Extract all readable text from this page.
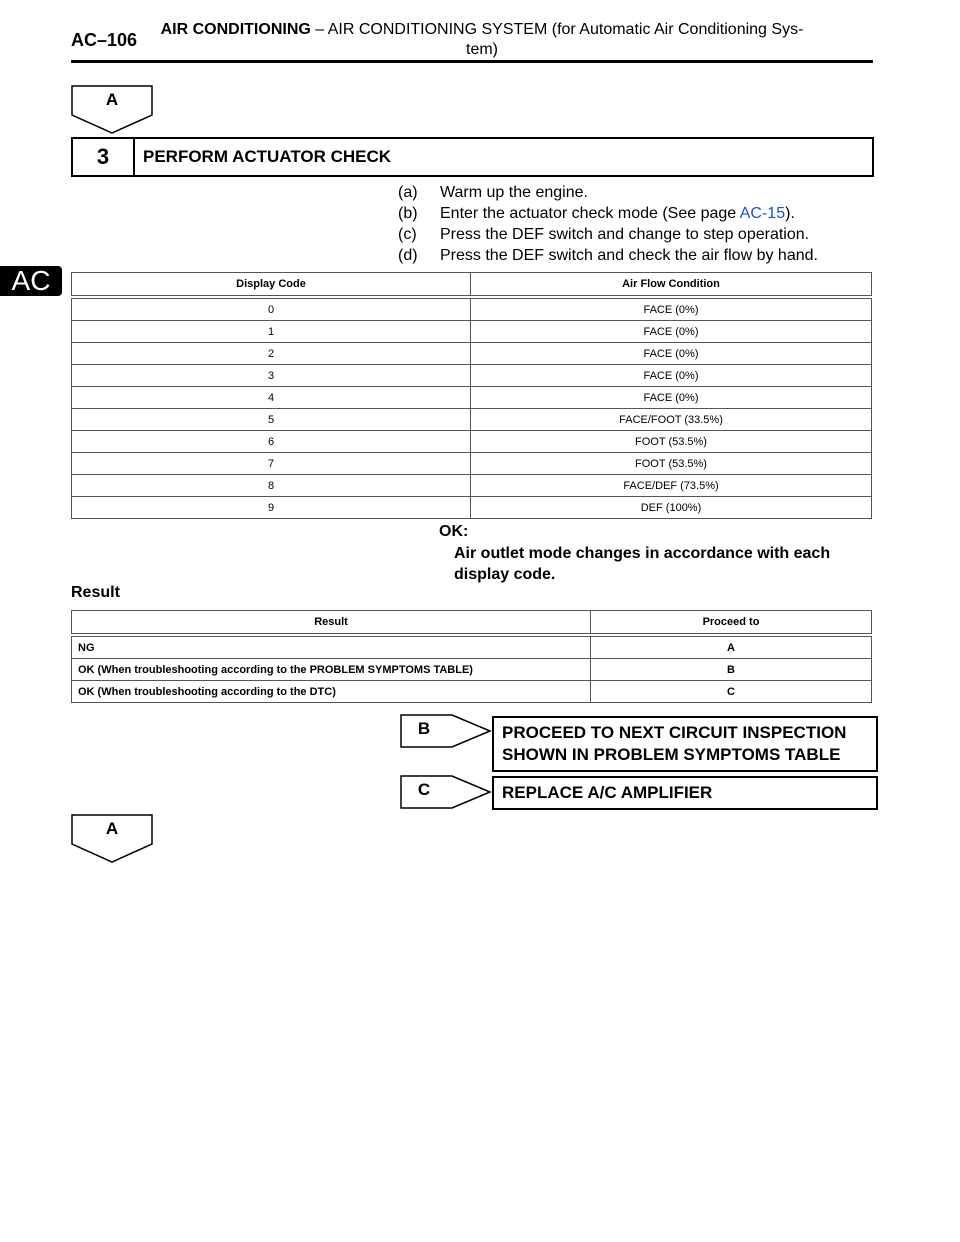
AC–106
AIR CONDITIONING – AIR CONDITIONING SYSTEM (for Automatic Air Conditioning Sys-
tem)
AC
A
3	PERFORM ACTUATOR CHECK
(a)	Warm up the engine.
(b)	Enter the actuator check mode (See page AC-15).
(c)	Press the DEF switch and change to step operation.
(d)	Press the DEF switch and check the air flow by hand.
Display Code	Air Flow Condition
0	FACE (0%)
1	FACE (0%)
2	FACE (0%)
3	FACE (0%)
4	FACE (0%)
5	FACE/FOOT (33.5%)
6	FOOT (53.5%)
7	FOOT (53.5%)
8	FACE/DEF (73.5%)
9	DEF (100%)
OK:
Air outlet mode changes in accordance with each
display code.
Result
Result	Proceed to
NG	A
OK (When troubleshooting according to the PROBLEM SYMPTOMS TABLE)	B
OK (When troubleshooting according to the DTC)	C
B	PROCEED TO NEXT CIRCUIT INSPECTION
SHOWN IN PROBLEM SYMPTOMS TABLE
C	REPLACE A/C AMPLIFIER
A
